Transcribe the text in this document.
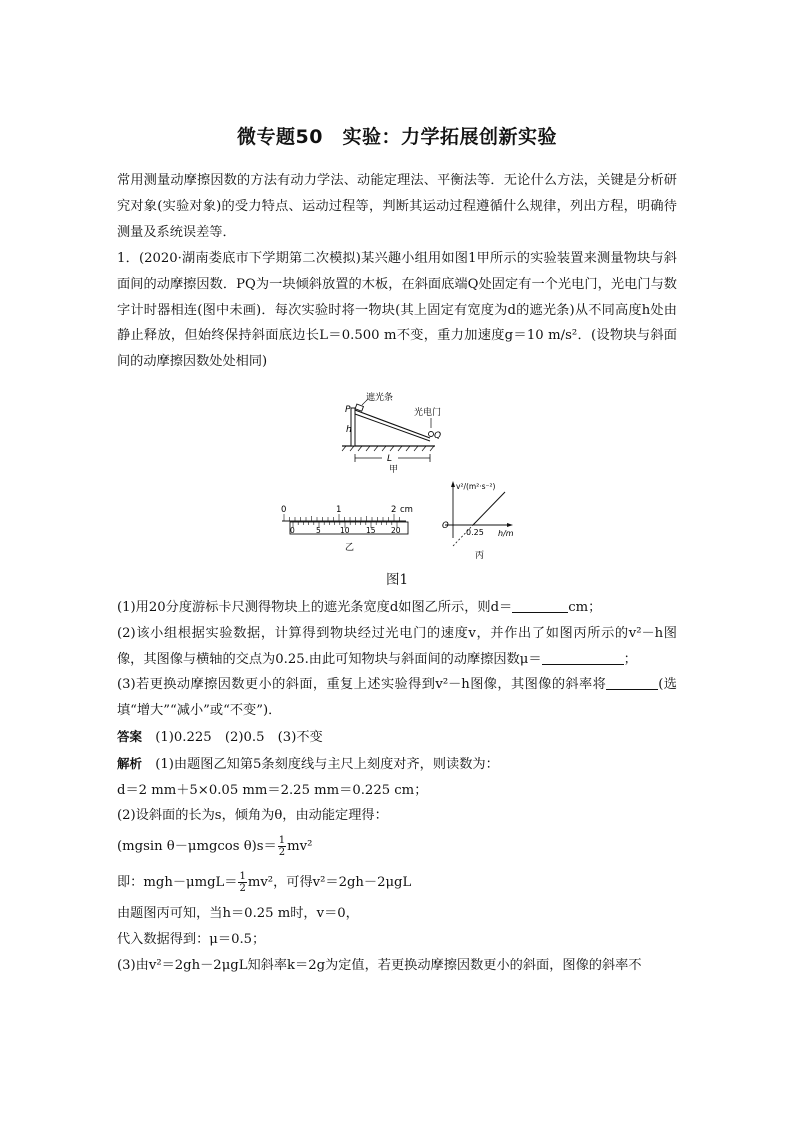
微专题50　实验：力学拓展创新实验

常用测量动摩擦因数的方法有动力学法、动能定理法、平衡法等．无论什么方法，关键是分析研究对象(实验对象)的受力特点、运动过程等，判断其运动过程遵循什么规律，列出方程，明确待测量及系统误差等．

1．(2020·湖南娄底市下学期第二次模拟)某兴趣小组用如图1甲所示的实验装置来测量物块与斜面间的动摩擦因数．PQ为一块倾斜放置的木板，在斜面底端Q处固定有一个光电门，光电门与数字计时器相连(图中未画)．每次实验时将一物块(其上固定有宽度为d的遮光条)从不同高度h处由静止释放，但始终保持斜面底边长L＝0.500 m不变，重力加速度g＝10 m/s²．(设物块与斜面间的动摩擦因数处处相同)

遮光条
光电门
P
Q
h
L
甲
0	1	2 cm
0	5	10 15 20
乙
v²/(m²·s⁻²)
h/m
O
0.25
丙
图1

(1)用20分度游标卡尺测得物块上的遮光条宽度d如图乙所示，则d＝	cm；

(2)该小组根据实验数据，计算得到物块经过光电门的速度v，并作出了如图丙所示的v²－h图像，其图像与横轴的交点为0.25.由此可知物块与斜面间的动摩擦因数μ＝	；

(3)若更换动摩擦因数更小的斜面，重复上述实验得到v²－h图像，其图像的斜率将	(选填“增大”“减小”或“不变”)．

答案　 (1)0.225　(2)0.5　(3)不变

解析　 (1)由题图乙知第5条刻度线与主尺上刻度对齐，则读数为：

d＝2 mm＋5×0.05 mm＝2.25 mm＝0.225 cm；

(2)设斜面的长为s，倾角为θ，由动能定理得：

(mgsin θ－μmgcos $\theta)s= \frac{1}{2} mv^2$

即：$mgh-\mu mgL= \frac{1}{2} mv^2$，可得v²＝2gh－2μgL

由题图丙可知，当h＝0.25 m时，v＝0，

代入数据得到：μ＝0.5；

(3)由v²＝2gh－2μgL知斜率k＝2g为定值，若更换动摩擦因数更小的斜面，图像的斜率不
